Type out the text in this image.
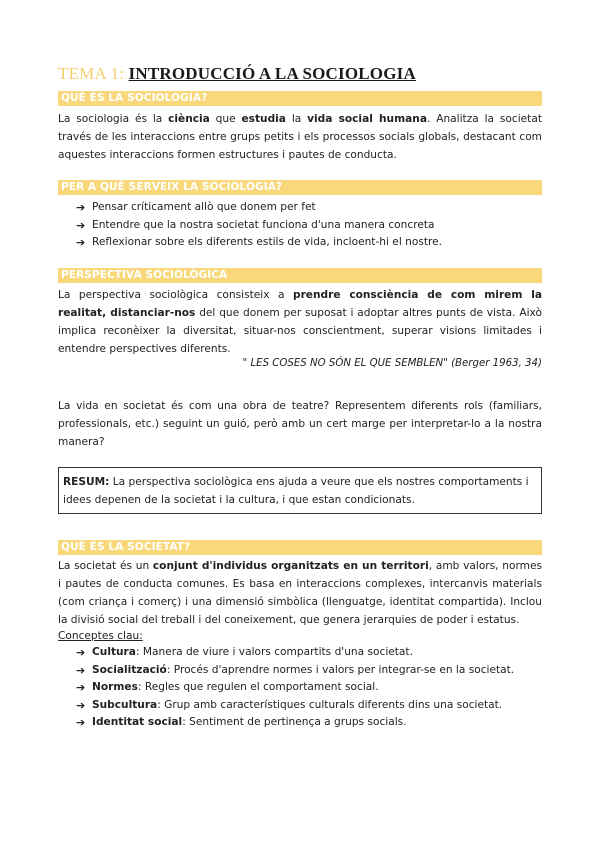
TEMA 1: INTRODUCCIÓ A LA SOCIOLOGIA
QUÈ ÉS LA SOCIOLOGIA?

La sociologia és la ciència que estudia la vida social humana. Analitza la societat través de les interaccions entre grups petits i els processos socials globals, destacant com aquestes interaccions formen estructures i pautes de conducta.

PER A QUÈ SERVEIX LA SOCIOLOGIA?
➔ Pensar críticament allò que donem per fet
➔ Entendre que la nostra societat funciona d'una manera concreta
➔ Reflexionar sobre els diferents estils de vida, incloent-hi el nostre.
PERSPECTIVA SOCIOLÒGICA

La perspectiva sociològica consisteix a prendre consciència de com mirem la realitat, distanciar-nos del que donem per suposat i adoptar altres punts de vista. Això implica reconèixer la diversitat, situar-nos conscientment, superar visions limitades i entendre perspectives diferents.

" LES COSES NO SÓN EL QUE SEMBLEN" (Berger 1963, 34)

La vida en societat és com una obra de teatre? Representem diferents rols (familiars, professionals, etc.) seguint un guió, però amb un cert marge per interpretar-lo a la nostra manera?

RESUM: La perspectiva sociològica ens ajuda a veure que els nostres comportaments i idees depenen de la societat i la cultura, i que estan condicionats.
QUÈ ÉS LA SOCIETAT?

La societat és un conjunt d'individus organitzats en un territori, amb valors, normes i pautes de conducta comunes. Es basa en interaccions complexes, intercanvis materials (com criança i comerç) i una dimensió simbòlica (llenguatge, identitat compartida). Inclou la divisió social del treball i del coneixement, que genera jerarquies de poder i estatus.

Conceptes clau:
➔ Cultura: Manera de viure i valors compartits d'una societat.
➔ Socialització: Procés d'aprendre normes i valors per integrar-se en la societat.
➔ Normes: Regles que regulen el comportament social.
➔ Subcultura: Grup amb característiques culturals diferents dins una societat.
➔ Identitat social: Sentiment de pertinença a grups socials.
